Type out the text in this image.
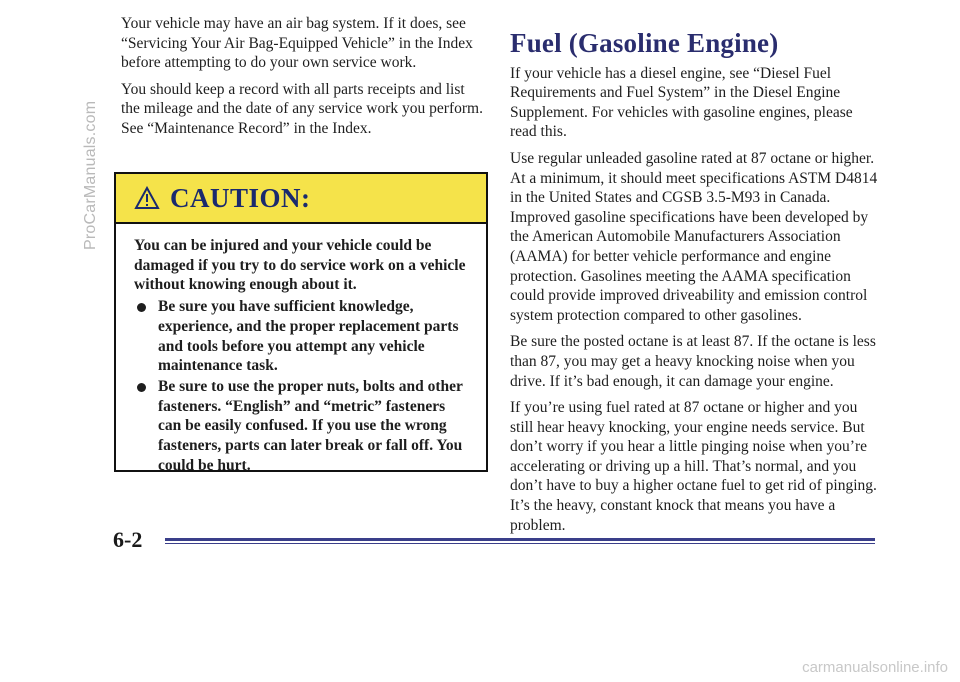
ProCarManuals.com

Your vehicle may have an air bag system. If it does, see “Servicing Your Air Bag-Equipped Vehicle” in the Index before attempting to do your own service work.

You should keep a record with all parts receipts and list the mileage and the date of any service work you perform. See “Maintenance Record” in the Index.

CAUTION:

You can be injured and your vehicle could be damaged if you try to do service work on a vehicle without knowing enough about it.

Be sure you have sufficient knowledge, experience, and the proper replacement parts and tools before you attempt any vehicle maintenance task.
Be sure to use the proper nuts, bolts and other fasteners. “English” and “metric” fasteners can be easily confused. If you use the wrong fasteners, parts can later break or fall off. You could be hurt.
Fuel (Gasoline Engine)

If your vehicle has a diesel engine, see “Diesel Fuel Requirements and Fuel System” in the Diesel Engine Supplement. For vehicles with gasoline engines, please read this.

Use regular unleaded gasoline rated at 87 octane or higher. At a minimum, it should meet specifications ASTM D4814 in the United States and CGSB 3.5-M93 in Canada. Improved gasoline specifications have been developed by the American Automobile Manufacturers Association (AAMA) for better vehicle performance and engine protection. Gasolines meeting the AAMA specification could provide improved driveability and emission control system protection compared to other gasolines.

Be sure the posted octane is at least 87. If the octane is less than 87, you may get a heavy knocking noise when you drive. If it’s bad enough, it can damage your engine.

If you’re using fuel rated at 87 octane or higher and you still hear heavy knocking, your engine needs service. But don’t worry if you hear a little pinging noise when you’re accelerating or driving up a hill. That’s normal, and you don’t have to buy a higher octane fuel to get rid of pinging. It’s the heavy, constant knock that means you have a problem.

6-2
carmanualsonline.info
